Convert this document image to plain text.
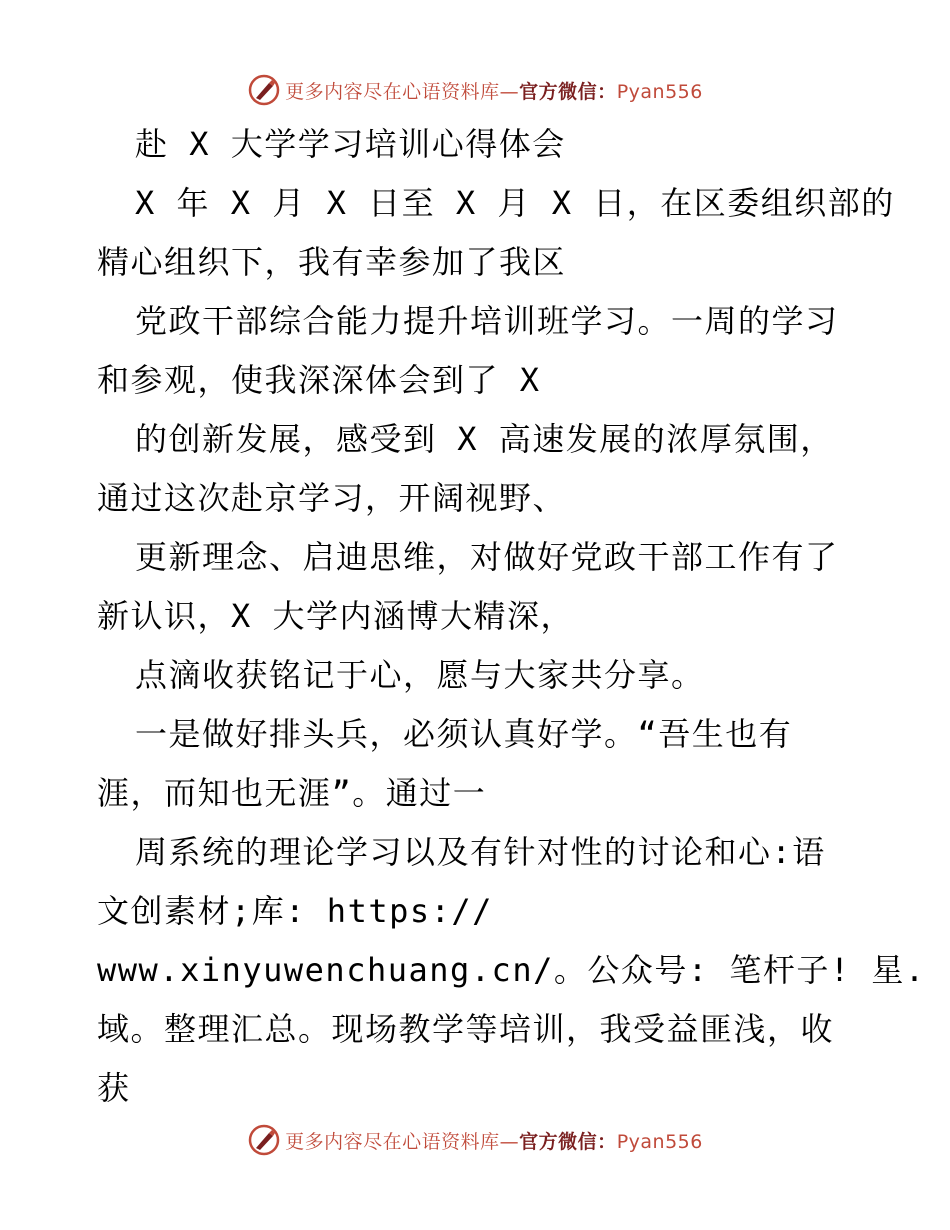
更多内容尽在心语资料库—官方微信：Pyan556
赴 X 大学学习培训心得体会
X 年 X 月 X 日至 X 月 X 日，在区委组织部的
精心组织下，我有幸参加了我区
党政干部综合能力提升培训班学习。一周的学习
和参观，使我深深体会到了 X
的创新发展，感受到 X 高速发展的浓厚氛围，
通过这次赴京学习，开阔视野、
更新理念、启迪思维，对做好党政干部工作有了
新认识，X 大学内涵博大精深，
点滴收获铭记于心，愿与大家共分享。
一是做好排头兵，必须认真好学。“吾生也有
涯，而知也无涯”。通过一
周系统的理论学习以及有针对性的讨论和心:语
文创素材;库: https://
www.xinyuwenchuang.cn/。公众号: 笔杆子! 星.
域。整理汇总。现场教学等培训，我受益匪浅，收
获
更多内容尽在心语资料库—官方微信：Pyan556
